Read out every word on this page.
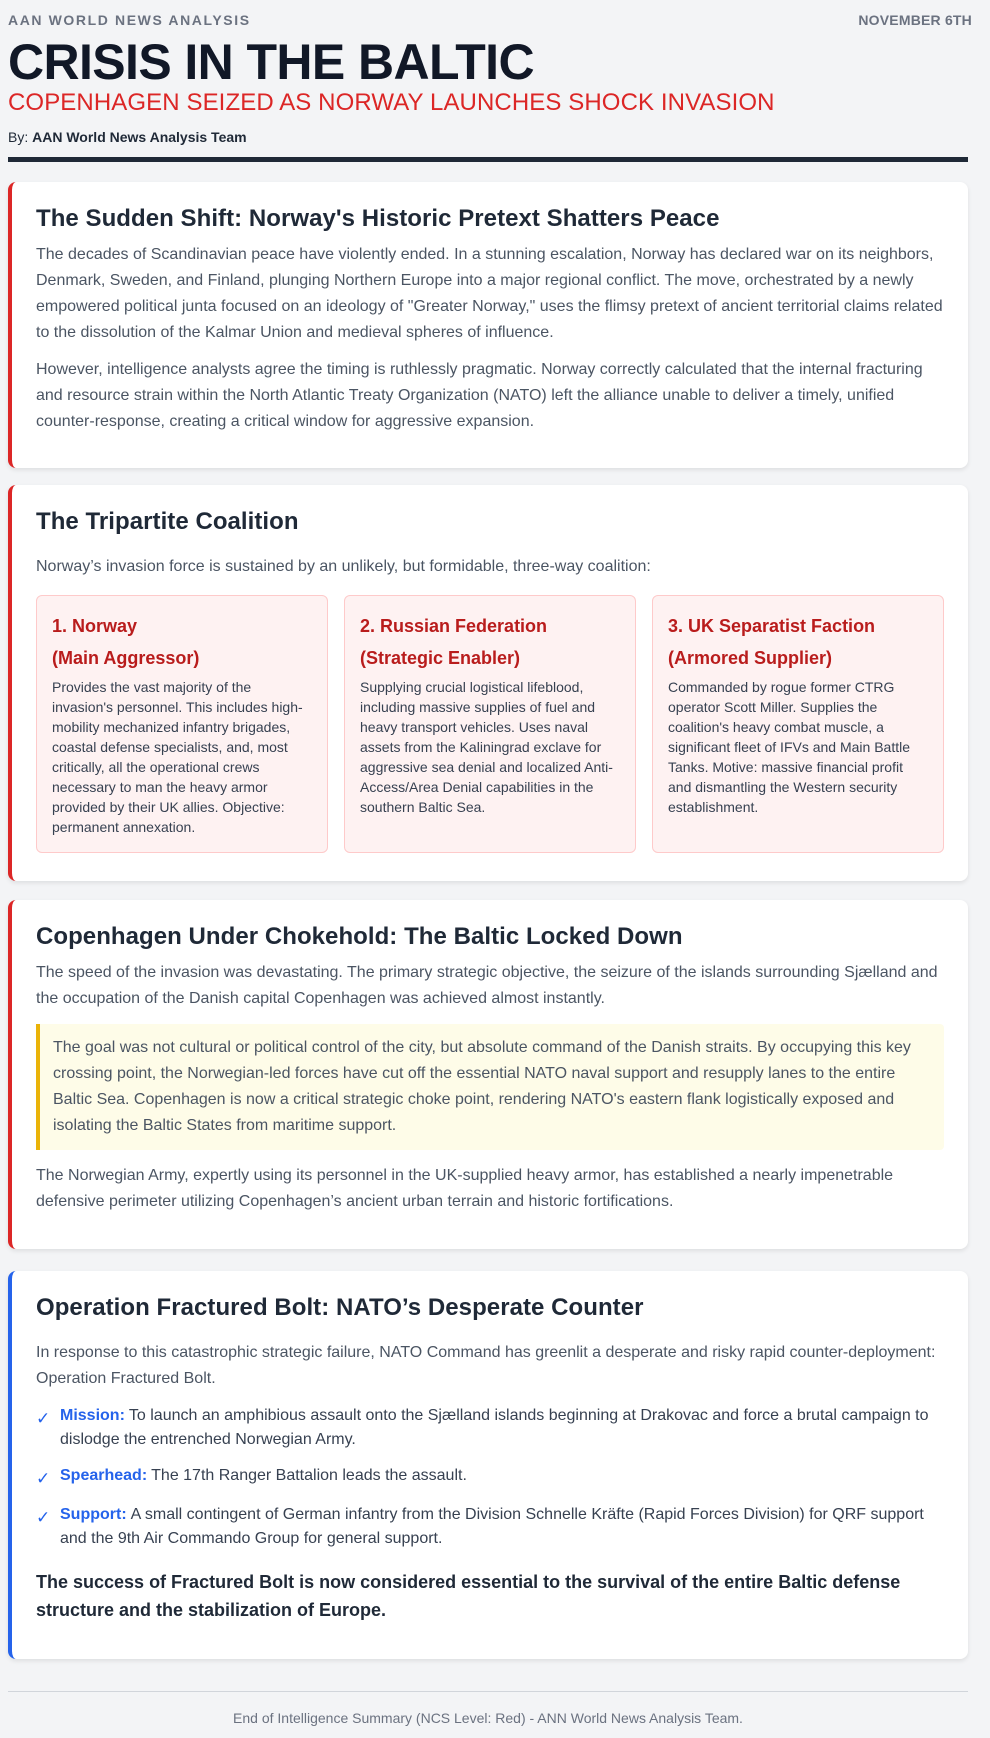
AAN WORLD NEWS ANALYSIS	NOVEMBER 6TH
CRISIS IN THE BALTIC
COPENHAGEN SEIZED AS NORWAY LAUNCHES SHOCK INVASION
By: AAN World News Analysis Team
The Sudden Shift: Norway's Historic Pretext Shatters Peace

The decades of Scandinavian peace have violently ended. In a stunning escalation, Norway has declared war on its neighbors, Denmark, Sweden, and Finland, plunging Northern Europe into a major regional conflict. The move, orchestrated by a newly empowered political junta focused on an ideology of "Greater Norway," uses the flimsy pretext of ancient territorial claims related to the dissolution of the Kalmar Union and medieval spheres of influence.

However, intelligence analysts agree the timing is ruthlessly pragmatic. Norway correctly calculated that the internal fracturing and resource strain within the North Atlantic Treaty Organization (NATO) left the alliance unable to deliver a timely, unified counter-response, creating a critical window for aggressive expansion.

The Tripartite Coalition

Norway’s invasion force is sustained by an unlikely, but formidable, three-way coalition:

1. Norway
(Main Aggressor)

Provides the vast majority of the invasion's personnel. This includes high-mobility mechanized infantry brigades, coastal defense specialists, and, most critically, all the operational crews necessary to man the heavy armor provided by their UK allies. Objective: permanent annexation.

2. Russian Federation
(Strategic Enabler)

Supplying crucial logistical lifeblood, including massive supplies of fuel and heavy transport vehicles. Uses naval assets from the Kaliningrad exclave for aggressive sea denial and localized Anti-Access/Area Denial capabilities in the southern Baltic Sea.

3. UK Separatist Faction
(Armored Supplier)

Commanded by rogue former CTRG operator Scott Miller. Supplies the coalition's heavy combat muscle, a significant fleet of IFVs and Main Battle Tanks. Motive: massive financial profit and dismantling the Western security establishment.

Copenhagen Under Chokehold: The Baltic Locked Down

The speed of the invasion was devastating. The primary strategic objective, the seizure of the islands surrounding Sjælland and the occupation of the Danish capital Copenhagen was achieved almost instantly.

The goal was not cultural or political control of the city, but absolute command of the Danish straits. By occupying this key crossing point, the Norwegian-led forces have cut off the essential NATO naval support and resupply lanes to the entire Baltic Sea. Copenhagen is now a critical strategic choke point, rendering NATO's eastern flank logistically exposed and isolating the Baltic States from maritime support.

The Norwegian Army, expertly using its personnel in the UK-supplied heavy armor, has established a nearly impenetrable defensive perimeter utilizing Copenhagen’s ancient urban terrain and historic fortifications.

Operation Fractured Bolt: NATO’s Desperate Counter

In response to this catastrophic strategic failure, NATO Command has greenlit a desperate and risky rapid counter-deployment: Operation Fractured Bolt.

✓ Mission: To launch an amphibious assault onto the Sjælland islands beginning at Drakovac and force a brutal campaign to dislodge the entrenched Norwegian Army.
✓ Spearhead: The 17th Ranger Battalion leads the assault.
✓ Support: A small contingent of German infantry from the Division Schnelle Kräfte (Rapid Forces Division) for QRF support and the 9th Air Commando Group for general support.
The success of Fractured Bolt is now considered essential to the survival of the entire Baltic defense structure and the stabilization of Europe.
End of Intelligence Summary (NCS Level: Red) - ANN World News Analysis Team.
